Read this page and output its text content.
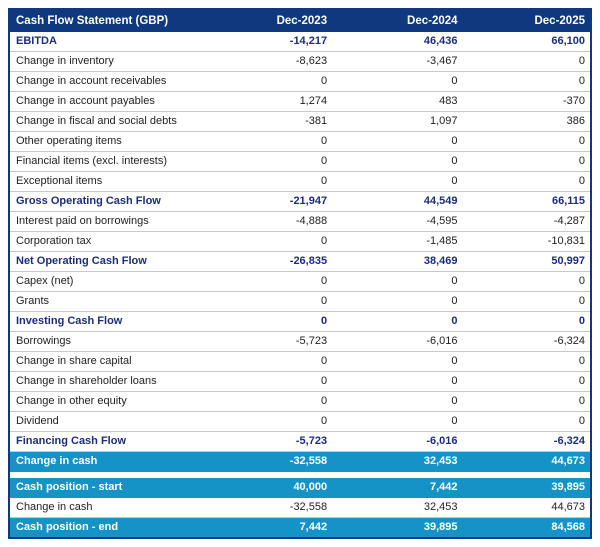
Cash Flow Statement (GBP)	Dec-2023	Dec-2024	Dec-2025
EBITDA	-14,217	46,436	66,100
Change in inventory	-8,623	-3,467	0
Change in account receivables	0	0	0
Change in account payables	1,274	483	-370
Change in fiscal and social debts	-381	1,097	386
Other operating items	0	0	0
Financial items (excl. interests)	0	0	0
Exceptional items	0	0	0
Gross Operating Cash Flow	-21,947	44,549	66,115
Interest paid on borrowings	-4,888	-4,595	-4,287
Corporation tax	0	-1,485	-10,831
Net Operating Cash Flow	-26,835	38,469	50,997
Capex (net)	0	0	0
Grants	0	0	0
Investing Cash Flow	0	0	0
Borrowings	-5,723	-6,016	-6,324
Change in share capital	0	0	0
Change in shareholder loans	0	0	0
Change in other equity	0	0	0
Dividend	0	0	0
Financing Cash Flow	-5,723	-6,016	-6,324
Change in cash	-32,558	32,453	44,673

Cash position - start	40,000	7,442	39,895
Change in cash	-32,558	32,453	44,673
Cash position - end	7,442	39,895	84,568
